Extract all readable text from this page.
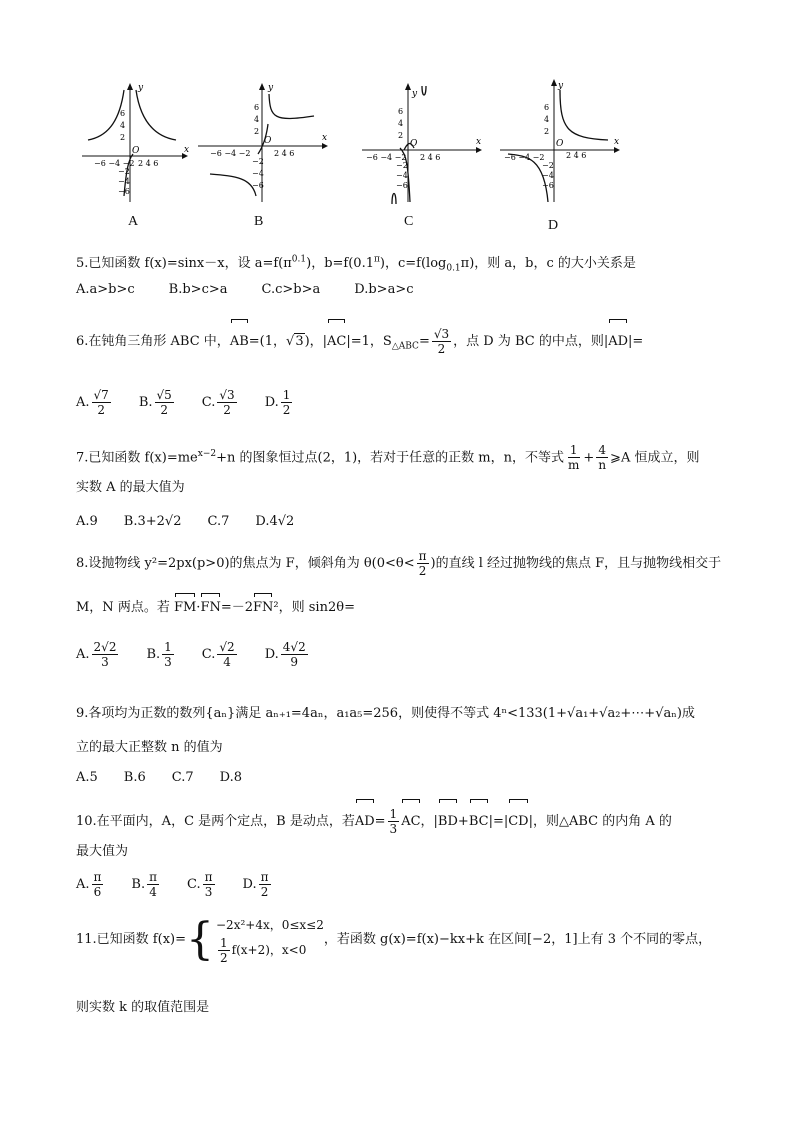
y
x
O
−6 −4 −2 2 4 6
6
4
2
−2
−4
−6
A
y
x
O
−6 −4 −2	2 4 6
6
4
2
−2
−4
−6
B
y
x
O
−6 −4 −2 2 4 6
6
4
2
−2
−4
−6
C
y
x
O
−6 −4 −2	2 4 6
6
4
2
−2
−4
−6
D
5.已知函数 f(x)=sinx－x，设 $a=f(\pi^{0.1})$，$b=f(0.1^\pi)$，$c=f(\log_{0.1}\pi)$，则 a，b，c 的大小关系是
A.a>b>c	B.b>c>a	C.c>b>a	D.b>a>c
6.在钝角三角形 ABC 中，AB=(1，√3)，|AC|=1，$S_{\triangle ABC}= \frac{√3}{2}$ ，点 D 为 BC 的中点，则|AD|=
A. $\frac{√7}{2} B$. $\frac{√5}{2} C$. $\frac{√3}{2} D$. $\frac{1}{2}$
7.已知函数 $f(x)=me^{x-2}+n$ 的图象恒过点(2，1)，若对于任意的正数 m，n，不等式 $\frac{1}{m} + \frac{4}{n}$ ⩾A 恒成立，则
实数 A 的最大值为
A.9 B.3+2√2 C.7 D.4√2
8.设抛物线 y²=2px(p>0)的焦点为 F，倾斜角为 $\theta(0<\theta< \frac{\pi}{2}$ )的直线 l 经过抛物线的焦点 F，且与抛物线相交于
M，N 两点。若 FM·FN=－2FN²，则 sin2θ=
A. $\frac{2√2}{3} B$. $\frac{1}{3} C$. $\frac{√2}{4} D$. $\frac{4√2}{9}$
9.各项均为正数的数列{aₙ}满足 aₙ₊₁=4aₙ，a₁a₅=256，则使得不等式 4ⁿ<133(1+√a₁+√a₂+⋯+√aₙ)成
立的最大正整数 n 的值为
A.5 B.6 C.7 D.8
10.在平面内，A，C 是两个定点，B 是动点，若$AD= \frac{1}{3}$ AC，|BD+BC|=|CD|，则△ABC 的内角 A 的
最大值为
A. $\frac{\pi}{6} B$. $\frac{\pi}{4} C$. $\frac{\pi}{3} D$. $\frac{\pi}{2}$
11.已知函数 f(x)= { −2x²+4x，0≤x≤2
$\frac{1}{2} f(x+2)$，x<0
，若函数 g(x)=f(x)−kx+k 在区间[−2，1]上有 3 个不同的零点，
则实数 k 的取值范围是
